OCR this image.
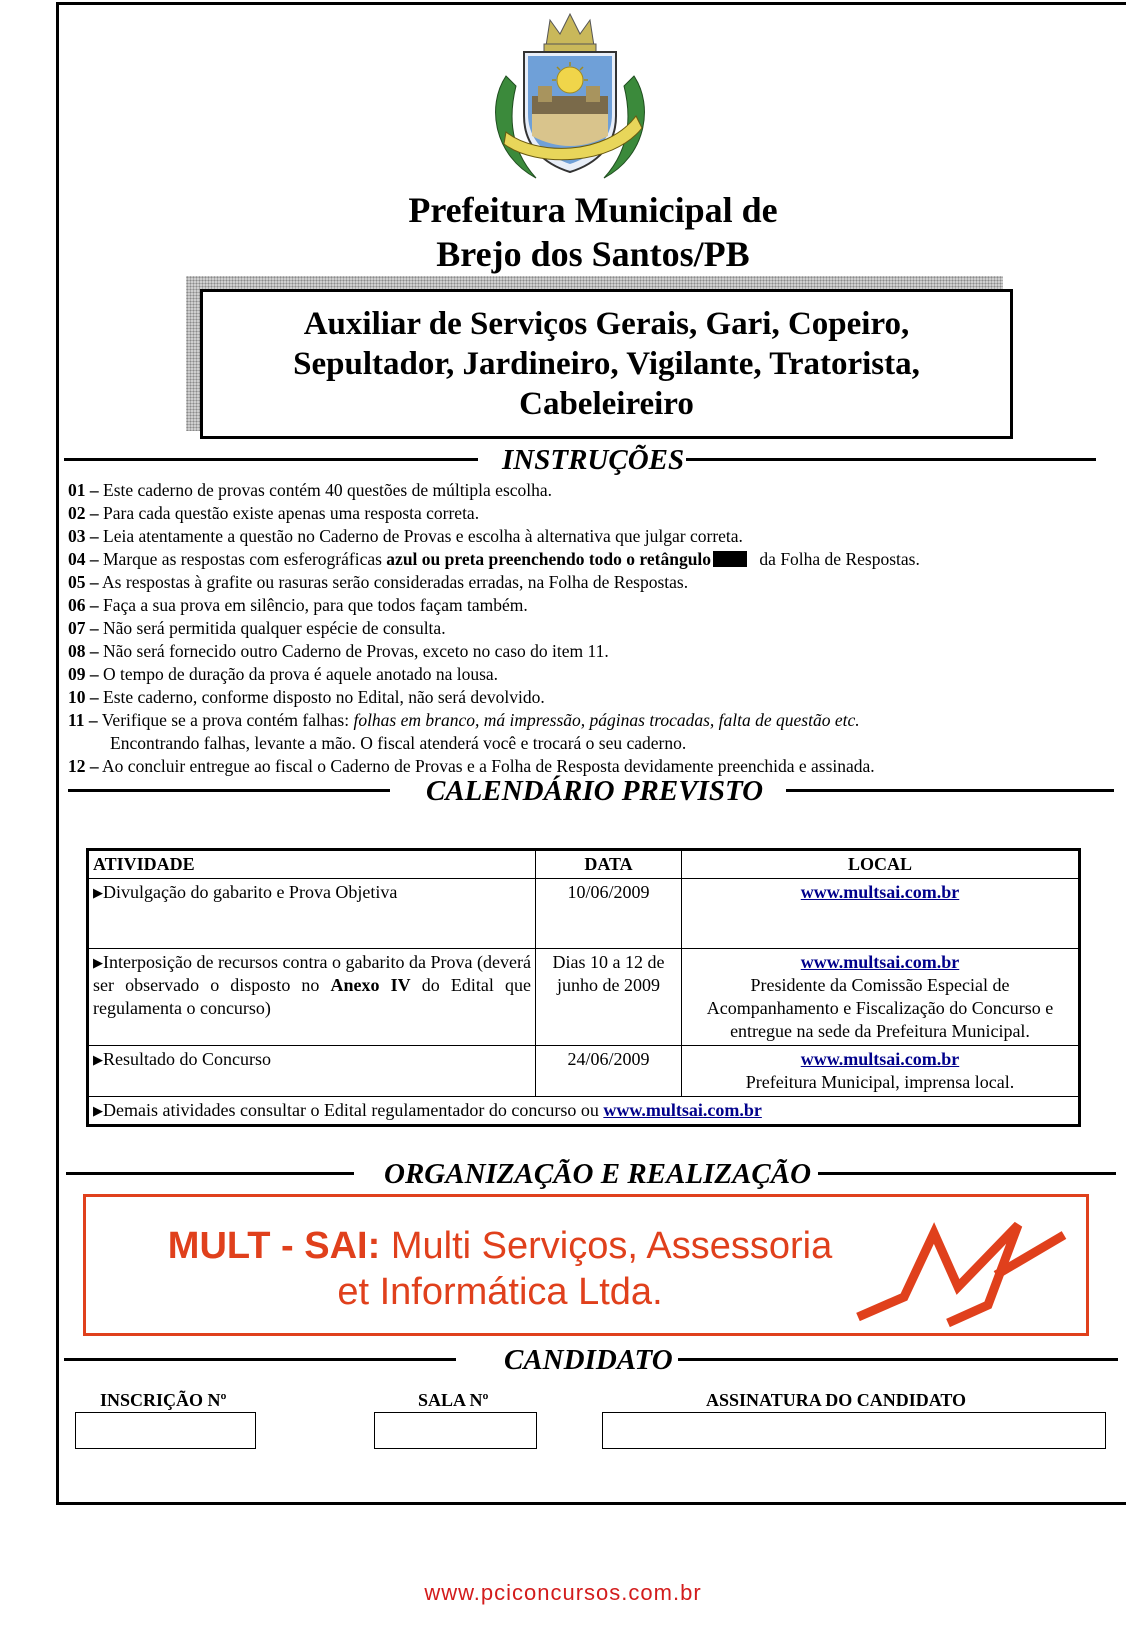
Prefeitura Municipal de
Brejo dos Santos/PB
Auxiliar de Serviços Gerais, Gari, Copeiro,
Sepultador, Jardineiro, Vigilante, Tratorista,
Cabeleireiro
INSTRUÇÕES
01 – Este caderno de provas contém 40 questões de múltipla escolha.
02 – Para cada questão existe apenas uma resposta correta.
03 – Leia atentamente a questão no Caderno de Provas e escolha à alternativa que julgar correta.
04 – Marque as respostas com esferográficas azul ou preta preenchendo todo o retângulo	da Folha de Respostas.
05 – As respostas à grafite ou rasuras serão consideradas erradas, na Folha de Respostas.
06 – Faça a sua prova em silêncio, para que todos façam também.
07 – Não será permitida qualquer espécie de consulta.
08 – Não será fornecido outro Caderno de Provas, exceto no caso do item 11.
09 – O tempo de duração da prova é aquele anotado na lousa.
10 – Este caderno, conforme disposto no Edital, não será devolvido.
11 – Verifique se a prova contém falhas: folhas em branco, má impressão, páginas trocadas, falta de questão etc.
Encontrando falhas, levante a mão. O fiscal atenderá você e trocará o seu caderno.
12 – Ao concluir entregue ao fiscal o Caderno de Provas e a Folha de Resposta devidamente preenchida e assinada.
CALENDÁRIO PREVISTO
ATIVIDADE	DATA	LOCAL
▶Divulgação do gabarito e Prova Objetiva	10/06/2009	www.multsai.com.br
▶Interposição de recursos contra o gabarito da Prova (deverá ser observado o disposto no Anexo IV do Edital que regulamenta o concurso)	Dias 10 a 12 de junho de 2009	www.multsai.com.br
Presidente da Comissão Especial de Acompanhamento e Fiscalização do Concurso e entregue na sede da Prefeitura Municipal.
▶Resultado do Concurso	24/06/2009	www.multsai.com.br
Prefeitura Municipal, imprensa local.
▶Demais atividades consultar o Edital regulamentador do concurso ou www.multsai.com.br		
ORGANIZAÇÃO E REALIZAÇÃO
MULT - SAI: Multi Serviços, Assessoria
et Informática Ltda.
CANDIDATO
INSCRIÇÃO Nº	SALA Nº	ASSINATURA DO CANDIDATO
www.pciconcursos.com.br
